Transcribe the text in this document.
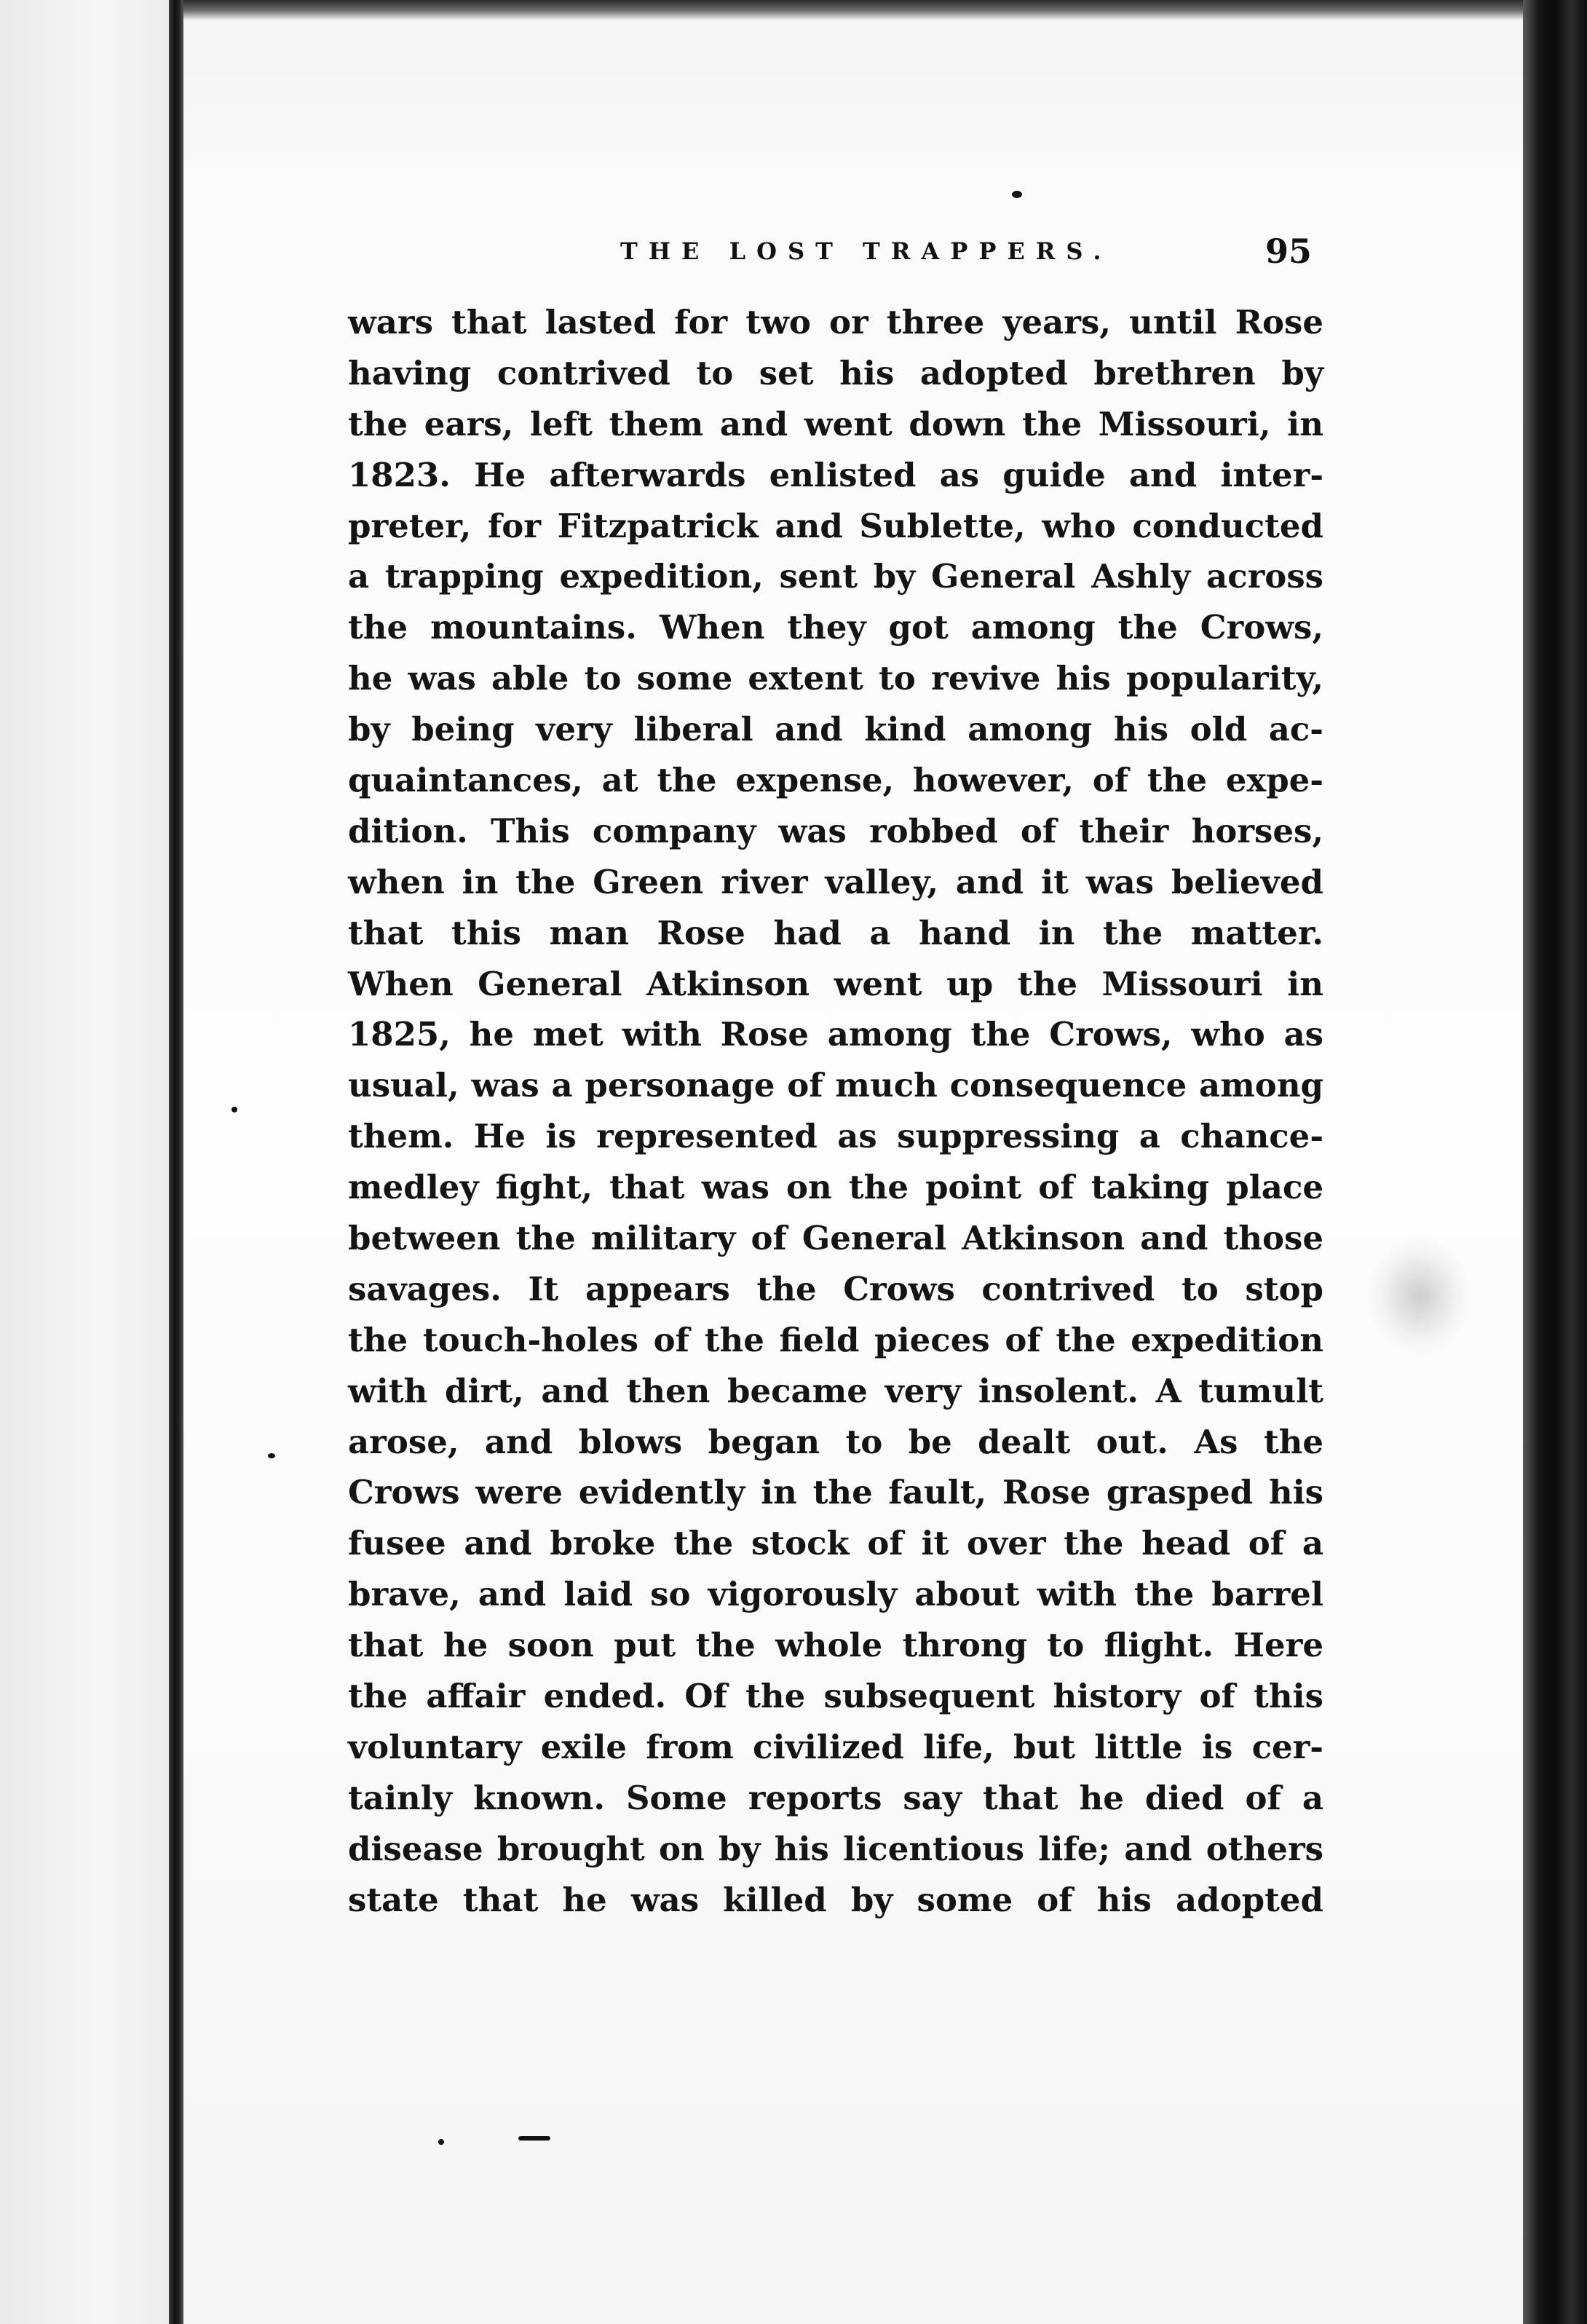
THE LOST TRAPPERS.	95
wars that lasted for two or three years, until Rose
having contrived to set his adopted brethren by
the ears, left them and went down the Missouri, in
1823. He afterwards enlisted as guide and inter-
preter, for Fitzpatrick and Sublette, who conducted
a trapping expedition, sent by General Ashly across
the mountains. When they got among the Crows,
he was able to some extent to revive his popularity,
by being very liberal and kind among his old ac-
quaintances, at the expense, however, of the expe-
dition. This company was robbed of their horses,
when in the Green river valley, and it was believed
that this man Rose had a hand in the matter.
When General Atkinson went up the Missouri in
1825, he met with Rose among the Crows, who as
usual, was a personage of much consequence among
them. He is represented as suppressing a chance-
medley fight, that was on the point of taking place
between the military of General Atkinson and those
savages. It appears the Crows contrived to stop
the touch-holes of the field pieces of the expedition
with dirt, and then became very insolent. A tumult
arose, and blows began to be dealt out. As the
Crows were evidently in the fault, Rose grasped his
fusee and broke the stock of it over the head of a
brave, and laid so vigorously about with the barrel
that he soon put the whole throng to flight. Here
the affair ended. Of the subsequent history of this
voluntary exile from civilized life, but little is cer-
tainly known. Some reports say that he died of a
disease brought on by his licentious life; and others
state that he was killed by some of his adopted
